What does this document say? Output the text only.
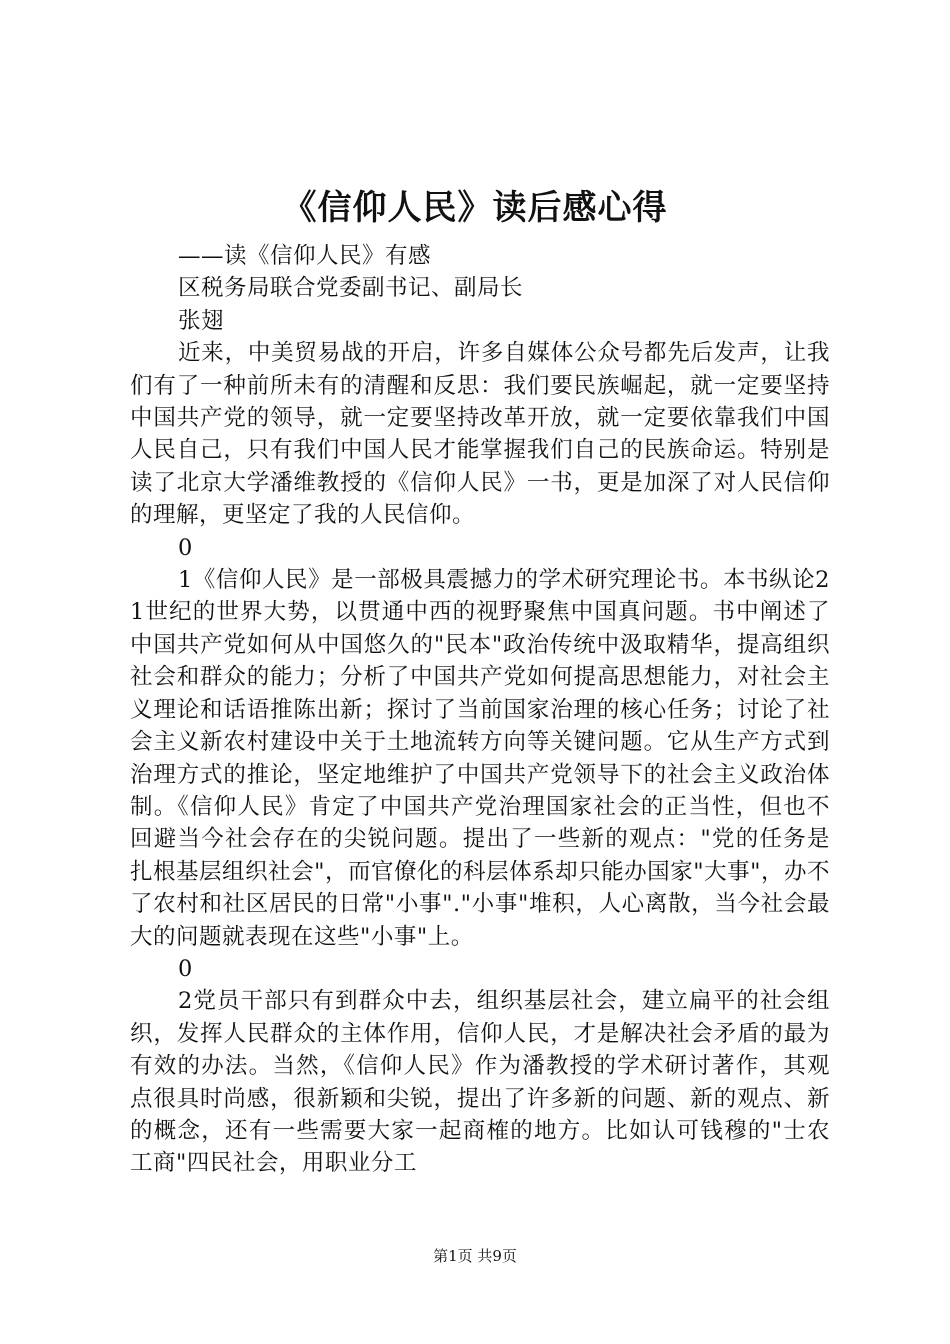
《信仰人民》读后感心得

——读《信仰人民》有感

区税务局联合党委副书记、副局长

张翅

近来，中美贸易战的开启，许多自媒体公众号都先后发声，让我们有了一种前所未有的清醒和反思：我们要民族崛起，就一定要坚持中国共产党的领导，就一定要坚持改革开放，就一定要依靠我们中国人民自己，只有我们中国人民才能掌握我们自己的民族命运。特别是读了北京大学潘维教授的《信仰人民》一书，更是加深了对人民信仰的理解，更坚定了我的人民信仰。

0

1《信仰人民》是一部极具震撼力的学术研究理论书。本书纵论21世纪的世界大势，以贯通中西的视野聚焦中国真问题。书中阐述了中国共产党如何从中国悠久的"民本"政治传统中汲取精华，提高组织社会和群众的能力；分析了中国共产党如何提高思想能力，对社会主义理论和话语推陈出新；探讨了当前国家治理的核心任务；讨论了社会主义新农村建设中关于土地流转方向等关键问题。它从生产方式到治理方式的推论，坚定地维护了中国共产党领导下的社会主义政治体制。《信仰人民》肯定了中国共产党治理国家社会的正当性，但也不回避当今社会存在的尖锐问题。提出了一些新的观点："党的任务是扎根基层组织社会"，而官僚化的科层体系却只能办国家"大事"，办不了农村和社区居民的日常"小事"."小事"堆积，人心离散，当今社会最大的问题就表现在这些"小事"上。

0

2党员干部只有到群众中去，组织基层社会，建立扁平的社会组织，发挥人民群众的主体作用，信仰人民，才是解决社会矛盾的最为有效的办法。当然，《信仰人民》作为潘教授的学术研讨著作，其观点很具时尚感，很新颖和尖锐，提出了许多新的问题、新的观点、新的概念，还有一些需要大家一起商榷的地方。比如认可钱穆的"士农工商"四民社会，用职业分工

第1页 共9页
